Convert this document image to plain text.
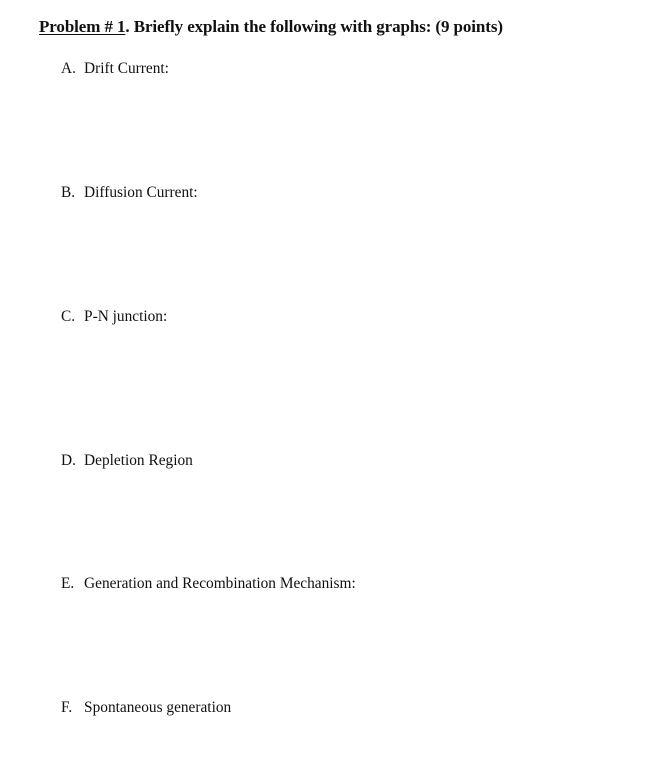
Problem # 1. Briefly explain the following with graphs: (9 points)
A. Drift Current:
B. Diffusion Current:
C. P-N junction:
D. Depletion Region
E. Generation and Recombination Mechanism:
F. Spontaneous generation
